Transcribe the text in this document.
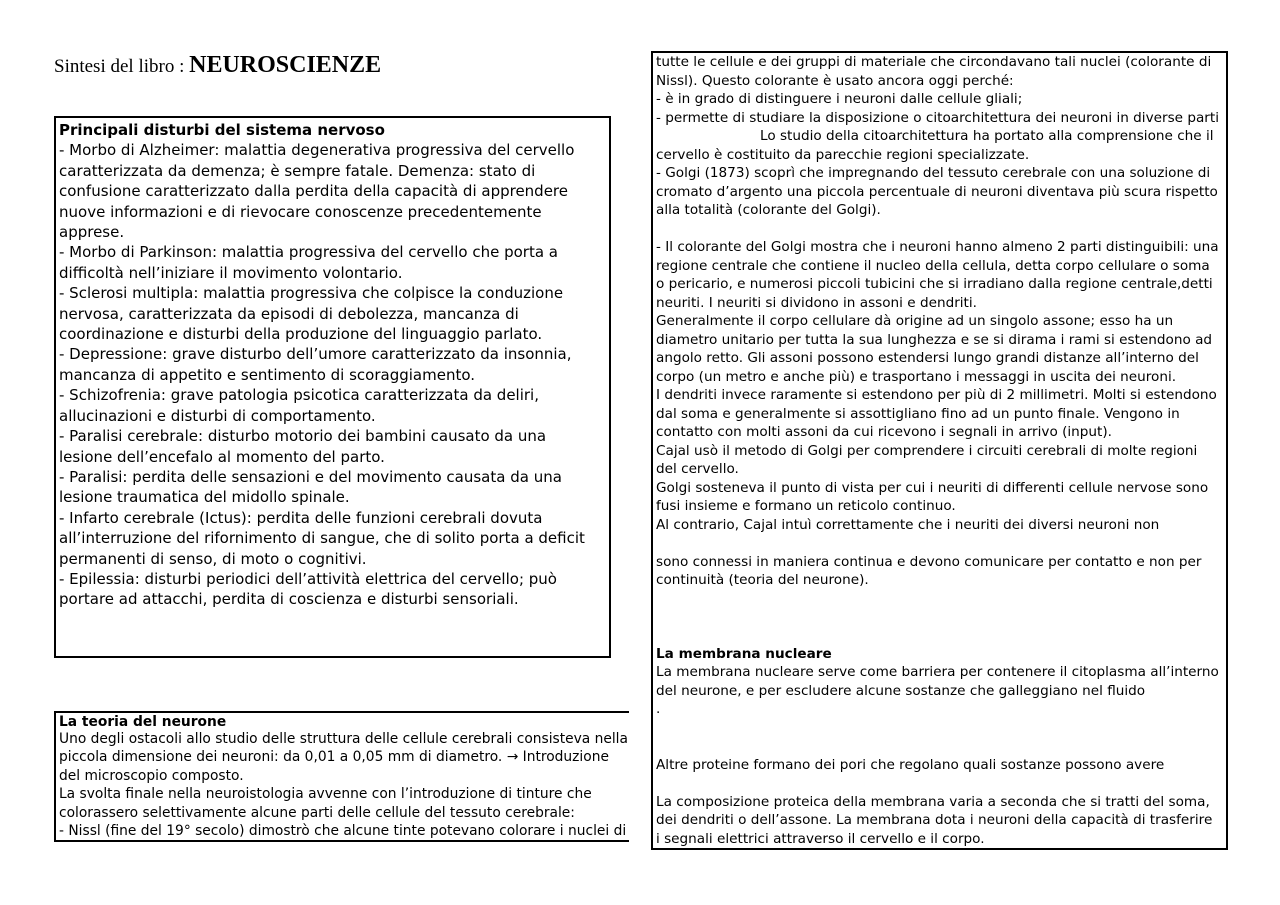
Sintesi del libro : NEUROSCIENZE

Principali disturbi del sistema nervoso

- Morbo di Alzheimer: malattia degenerativa progressiva del cervello

caratterizzata da demenza; è sempre fatale. Demenza: stato di

confusione caratterizzato dalla perdita della capacità di apprendere

nuove informazioni e di rievocare conoscenze precedentemente

apprese.

- Morbo di Parkinson: malattia progressiva del cervello che porta a

difficoltà nell’iniziare il movimento volontario.

- Sclerosi multipla: malattia progressiva che colpisce la conduzione

nervosa, caratterizzata da episodi di debolezza, mancanza di

coordinazione e disturbi della produzione del linguaggio parlato.

- Depressione: grave disturbo dell’umore caratterizzato da insonnia,

mancanza di appetito e sentimento di scoraggiamento.

- Schizofrenia: grave patologia psicotica caratterizzata da deliri,

allucinazioni e disturbi di comportamento.

- Paralisi cerebrale: disturbo motorio dei bambini causato da una

lesione dell’encefalo al momento del parto.

- Paralisi: perdita delle sensazioni e del movimento causata da una

lesione traumatica del midollo spinale.

- Infarto cerebrale (Ictus): perdita delle funzioni cerebrali dovuta

all’interruzione del rifornimento di sangue, che di solito porta a deficit

permanenti di senso, di moto o cognitivi.

- Epilessia: disturbi periodici dell’attività elettrica del cervello; può

portare ad attacchi, perdita di coscienza e disturbi sensoriali.

La teoria del neurone

Uno degli ostacoli allo studio delle struttura delle cellule cerebrali consisteva nella

piccola dimensione dei neuroni: da 0,01 a 0,05 mm di diametro. → Introduzione

del microscopio composto.

La svolta finale nella neuroistologia avvenne con l’introduzione di tinture che

colorassero selettivamente alcune parti delle cellule del tessuto cerebrale:

- Nissl (fine del 19° secolo) dimostrò che alcune tinte potevano colorare i nuclei di

tutte le cellule e dei gruppi di materiale che circondavano tali nuclei (colorante di

Nissl). Questo colorante è usato ancora oggi perché:

- è in grado di distinguere i neuroni dalle cellule gliali;

- permette di studiare la disposizione o citoarchitettura dei neuroni in diverse parti

Lo studio della citoarchitettura ha portato alla comprensione che il

cervello è costituito da parecchie regioni specializzate.

- Golgi (1873) scoprì che impregnando del tessuto cerebrale con una soluzione di

cromato d’argento una piccola percentuale di neuroni diventava più scura rispetto

alla totalità (colorante del Golgi).

- Il colorante del Golgi mostra che i neuroni hanno almeno 2 parti distinguibili: una

regione centrale che contiene il nucleo della cellula, detta corpo cellulare o soma

o pericario, e numerosi piccoli tubicini che si irradiano dalla regione centrale,detti

neuriti. I neuriti si dividono in assoni e dendriti.

Generalmente il corpo cellulare dà origine ad un singolo assone; esso ha un

diametro unitario per tutta la sua lunghezza e se si dirama i rami si estendono ad

angolo retto. Gli assoni possono estendersi lungo grandi distanze all’interno del

corpo (un metro e anche più) e trasportano i messaggi in uscita dei neuroni.

I dendriti invece raramente si estendono per più di 2 millimetri. Molti si estendono

dal soma e generalmente si assottigliano fino ad un punto finale. Vengono in

contatto con molti assoni da cui ricevono i segnali in arrivo (input).

Cajal usò il metodo di Golgi per comprendere i circuiti cerebrali di molte regioni

del cervello.

Golgi sosteneva il punto di vista per cui i neuriti di differenti cellule nervose sono

fusi insieme e formano un reticolo continuo.

Al contrario, Cajal intuì correttamente che i neuriti dei diversi neuroni non

sono connessi in maniera continua e devono comunicare per contatto e non per

continuità (teoria del neurone).

La membrana nucleare

La membrana nucleare serve come barriera per contenere il citoplasma all’interno

del neurone, e per escludere alcune sostanze che galleggiano nel fluido

.

Altre proteine formano dei pori che regolano quali sostanze possono avere

La composizione proteica della membrana varia a seconda che si tratti del soma,

dei dendriti o dell’assone. La membrana dota i neuroni della capacità di trasferire

i segnali elettrici attraverso il cervello e il corpo.
